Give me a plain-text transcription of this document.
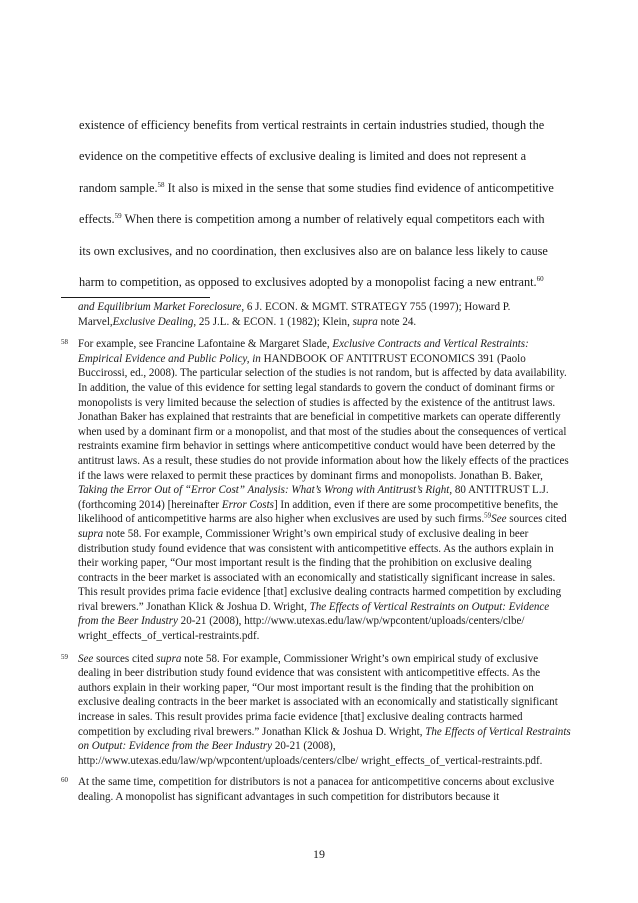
existence of efficiency benefits from vertical restraints in certain industries studied, though the
evidence on the competitive effects of exclusive dealing is limited and does not represent a
random sample.$^{58}$ It also is mixed in the sense that some studies find evidence of anticompetitive
effects.$^{59}$ When there is competition among a number of relatively equal competitors each with
its own exclusives, and no coordination, then exclusives also are on balance less likely to cause
harm to competition, as opposed to exclusives adopted by a monopolist facing a new entrant.$^{60}$

and Equilibrium Market Foreclosure, 6 J. ECON. & MGMT. STRATEGY 755 (1997); Howard P. Marvel,Exclusive Dealing, 25 J.L. & ECON. 1 (1982); Klein, supra note 24.

58 For example, see Francine Lafontaine & Margaret Slade, Exclusive Contracts and Vertical Restraints: Empirical Evidence and Public Policy, in HANDBOOK OF ANTITRUST ECONOMICS 391 (Paolo Buccirossi, ed., 2008). The particular selection of the studies is not random, but is affected by data availability. In addition, the value of this evidence for setting legal standards to govern the conduct of dominant firms or monopolists is very limited because the selection of studies is affected by the existence of the antitrust laws. Jonathan Baker has explained that restraints that are beneficial in competitive markets can operate differently when used by a dominant firm or a monopolist, and that most of the studies about the consequences of vertical restraints examine firm behavior in settings where anticompetitive conduct would have been deterred by the antitrust laws. As a result, these studies do not provide information about how the likely effects of the practices if the laws were relaxed to permit these practices by dominant firms and monopolists. Jonathan B. Baker, Taking the Error Out of “Error Cost” Analysis: What’s Wrong with Antitrust’s Right, 80 ANTITRUST L.J. (forthcoming 2014) [hereinafter Error Costs] In addition, even if there are some procompetitive benefits, the likelihood of anticompetitive harms are also higher when exclusives are used by such firms.$^{59}$See sources cited supra note 58. For example, Commissioner Wright’s own empirical study of exclusive dealing in beer distribution study found evidence that was consistent with anticompetitive effects. As the authors explain in their working paper, “Our most important result is the finding that the prohibition on exclusive dealing contracts in the beer market is associated with an economically and statistically significant increase in sales. This result provides prima facie evidence [that] exclusive dealing contracts harmed competition by excluding rival brewers.” Jonathan Klick & Joshua D. Wright, The Effects of Vertical Restraints on Output: Evidence from the Beer Industry 20-21 (2008), http://www.utexas.edu/law/wp/wpcontent/uploads/centers/clbe/ wright_effects_of_vertical-restraints.pdf.

59 See sources cited supra note 58. For example, Commissioner Wright’s own empirical study of exclusive dealing in beer distribution study found evidence that was consistent with anticompetitive effects. As the authors explain in their working paper, “Our most important result is the finding that the prohibition on exclusive dealing contracts in the beer market is associated with an economically and statistically significant increase in sales. This result provides prima facie evidence [that] exclusive dealing contracts harmed competition by excluding rival brewers.” Jonathan Klick & Joshua D. Wright, The Effects of Vertical Restraints on Output: Evidence from the Beer Industry 20-21 (2008), http://www.utexas.edu/law/wp/wpcontent/uploads/centers/clbe/ wright_effects_of_vertical-restraints.pdf.

60 At the same time, competition for distributors is not a panacea for anticompetitive concerns about exclusive dealing. A monopolist has significant advantages in such competition for distributors because it

19
